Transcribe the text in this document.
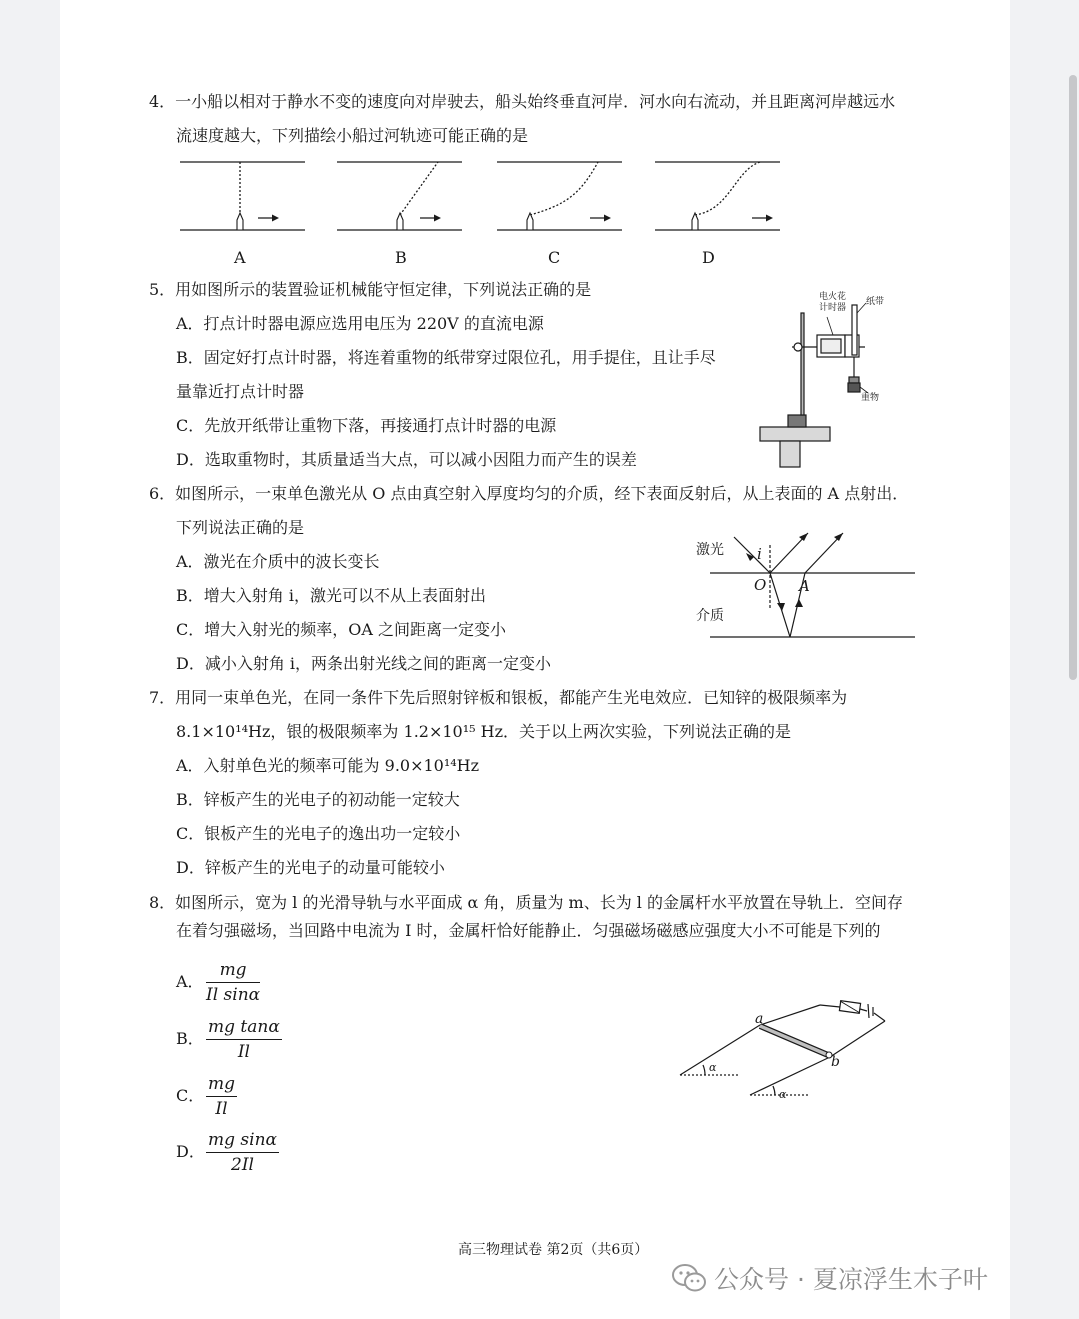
4．一小船以相对于静水不变的速度向对岸驶去，船头始终垂直河岸．河水向右流动，并且距离河岸越远水
流速度越大，下列描绘小船过河轨迹可能正确的是
A	B	C	D
5．用如图所示的装置验证机械能守恒定律，下列说法正确的是
A．打点计时器电源应选用电压为 220V 的直流电源
B．固定好打点计时器，将连着重物的纸带穿过限位孔，用手提住，且让手尽
量靠近打点计时器
C．先放开纸带让重物下落，再接通打点计时器的电源
D．选取重物时，其质量适当大点，可以减小因阻力而产生的误差
电火花
计时器
纸带
重物
6．如图所示，一束单色激光从 O 点由真空射入厚度均匀的介质，经下表面反射后，从上表面的 A 点射出．
下列说法正确的是
A．激光在介质中的波长变长
B．增大入射角 i，激光可以不从上表面射出
C．增大入射光的频率，OA 之间距离一定变小
D．减小入射角 i，两条出射光线之间的距离一定变小
激光 i
O A
介质
7．用同一束单色光，在同一条件下先后照射锌板和银板，都能产生光电效应．已知锌的极限频率为
8.1×10¹⁴Hz，银的极限频率为 1.2×10¹⁵ Hz．关于以上两次实验，下列说法正确的是
A．入射单色光的频率可能为 9.0×10¹⁴Hz
B．锌板产生的光电子的初动能一定较大
C．银板产生的光电子的逸出功一定较小
D．锌板产生的光电子的动量可能较小
8．如图所示，宽为 l 的光滑导轨与水平面成 α 角，质量为 m、长为 l 的金属杆水平放置在导轨上．空间存
在着匀强磁场，当回路中电流为 I 时，金属杆恰好能静止．匀强磁场磁感应强度大小不可能是下列的
A．
mg
Il sinα
B．
mg tanα
Il
C．
mg
Il
D．
mg sinα
2Il
a
b
α
α
高三物理试卷 第2页（共6页）
公众号 · 夏凉浮生木子叶
